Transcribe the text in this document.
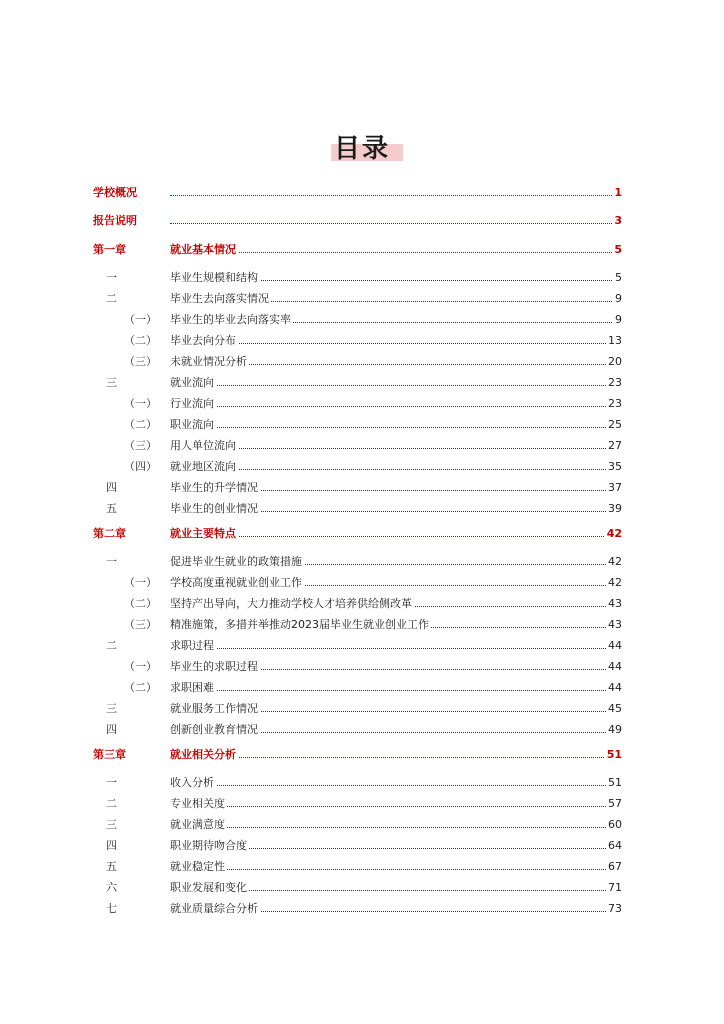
目录
学校概况	1
报告说明	3
第一章	就业基本情况	5
一	毕业生规模和结构	5
二	毕业生去向落实情况	9
（一） 毕业生的毕业去向落实率	9
（二） 毕业去向分布	13
（三） 未就业情况分析	20
三	就业流向	23
（一） 行业流向	23
（二） 职业流向	25
（三） 用人单位流向	27
（四） 就业地区流向	35
四	毕业生的升学情况	37
五	毕业生的创业情况	39
第二章	就业主要特点	42
一	促进毕业生就业的政策措施	42
（一） 学校高度重视就业创业工作	42
（二） 坚持产出导向，大力推动学校人才培养供给侧改革	43
（三） 精准施策，多措并举推动2023届毕业生就业创业工作	43
二	求职过程	44
（一） 毕业生的求职过程	44
（二） 求职困难	44
三	就业服务工作情况	45
四	创新创业教育情况	49
第三章	就业相关分析	51
一	收入分析	51
二	专业相关度	57
三	就业满意度	60
四	职业期待吻合度	64
五	就业稳定性	67
六	职业发展和变化	71
七	就业质量综合分析	73
